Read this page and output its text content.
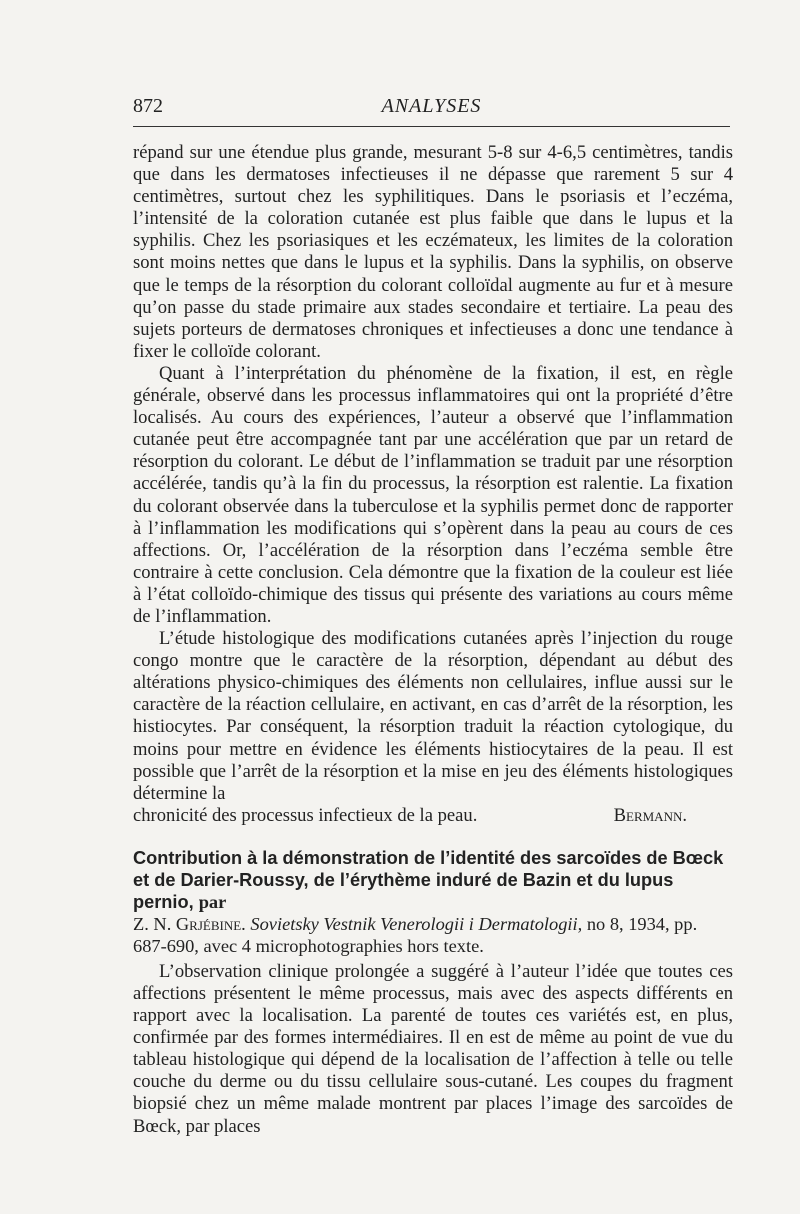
872	ANALYSES

répand sur une étendue plus grande, mesurant 5-8 sur 4-6,5 centimètres, tandis que dans les dermatoses infectieuses il ne dépasse que rarement 5 sur 4 centimètres, surtout chez les syphilitiques. Dans le psoriasis et l’eczéma, l’intensité de la coloration cutanée est plus faible que dans le lupus et la syphilis. Chez les psoriasiques et les eczémateux, les limites de la coloration sont moins nettes que dans le lupus et la syphilis. Dans la syphilis, on observe que le temps de la résorption du colorant colloïdal augmente au fur et à mesure qu’on passe du stade primaire aux stades secondaire et tertiaire. La peau des sujets porteurs de dermatoses chroniques et infectieuses a donc une tendance à fixer le colloïde colorant.

Quant à l’interprétation du phénomène de la fixation, il est, en règle générale, observé dans les processus inflammatoires qui ont la propriété d’être localisés. Au cours des expériences, l’auteur a observé que l’inflammation cutanée peut être accompagnée tant par une accélération que par un retard de résorption du colorant. Le début de l’inflammation se traduit par une résorption accélérée, tandis qu’à la fin du processus, la résorption est ralentie. La fixation du colorant observée dans la tuberculose et la syphilis permet donc de rapporter à l’inflammation les modifications qui s’opèrent dans la peau au cours de ces affections. Or, l’accélération de la résorption dans l’eczéma semble être contraire à cette conclusion. Cela démontre que la fixation de la couleur est liée à l’état colloïdo-chimique des tissus qui présente des variations au cours même de l’inflammation.

L’étude histologique des modifications cutanées après l’injection du rouge congo montre que le caractère de la résorption, dépendant au début des altérations physico-chimiques des éléments non cellulaires, influe aussi sur le caractère de la réaction cellulaire, en activant, en cas d’arrêt de la résorption, les histiocytes. Par conséquent, la résorption traduit la réaction cytologique, du moins pour mettre en évidence les éléments histiocytaires de la peau. Il est possible que l’arrêt de la résorption et la mise en jeu des éléments histologiques détermine la

chronicité des processus infectieux de la peau.	Bermann.
Contribution à la démonstration de l’identité des sarcoïdes de Bœck et de Darier-Roussy, de l’érythème induré de Bazin et du lupus pernio, par
Z. N. Grjébine. Sovietsky Vestnik Venerologii i Dermatologii, no 8, 1934, pp. 687-690, avec 4 microphotographies hors texte.

L’observation clinique prolongée a suggéré à l’auteur l’idée que toutes ces affections présentent le même processus, mais avec des aspects différents en rapport avec la localisation. La parenté de toutes ces variétés est, en plus, confirmée par des formes intermédiaires. Il en est de même au point de vue du tableau histologique qui dépend de la localisation de l’affection à telle ou telle couche du derme ou du tissu cellulaire sous-cutané. Les coupes du fragment biopsié chez un même malade montrent par places l’image des sarcoïdes de Bœck, par places
